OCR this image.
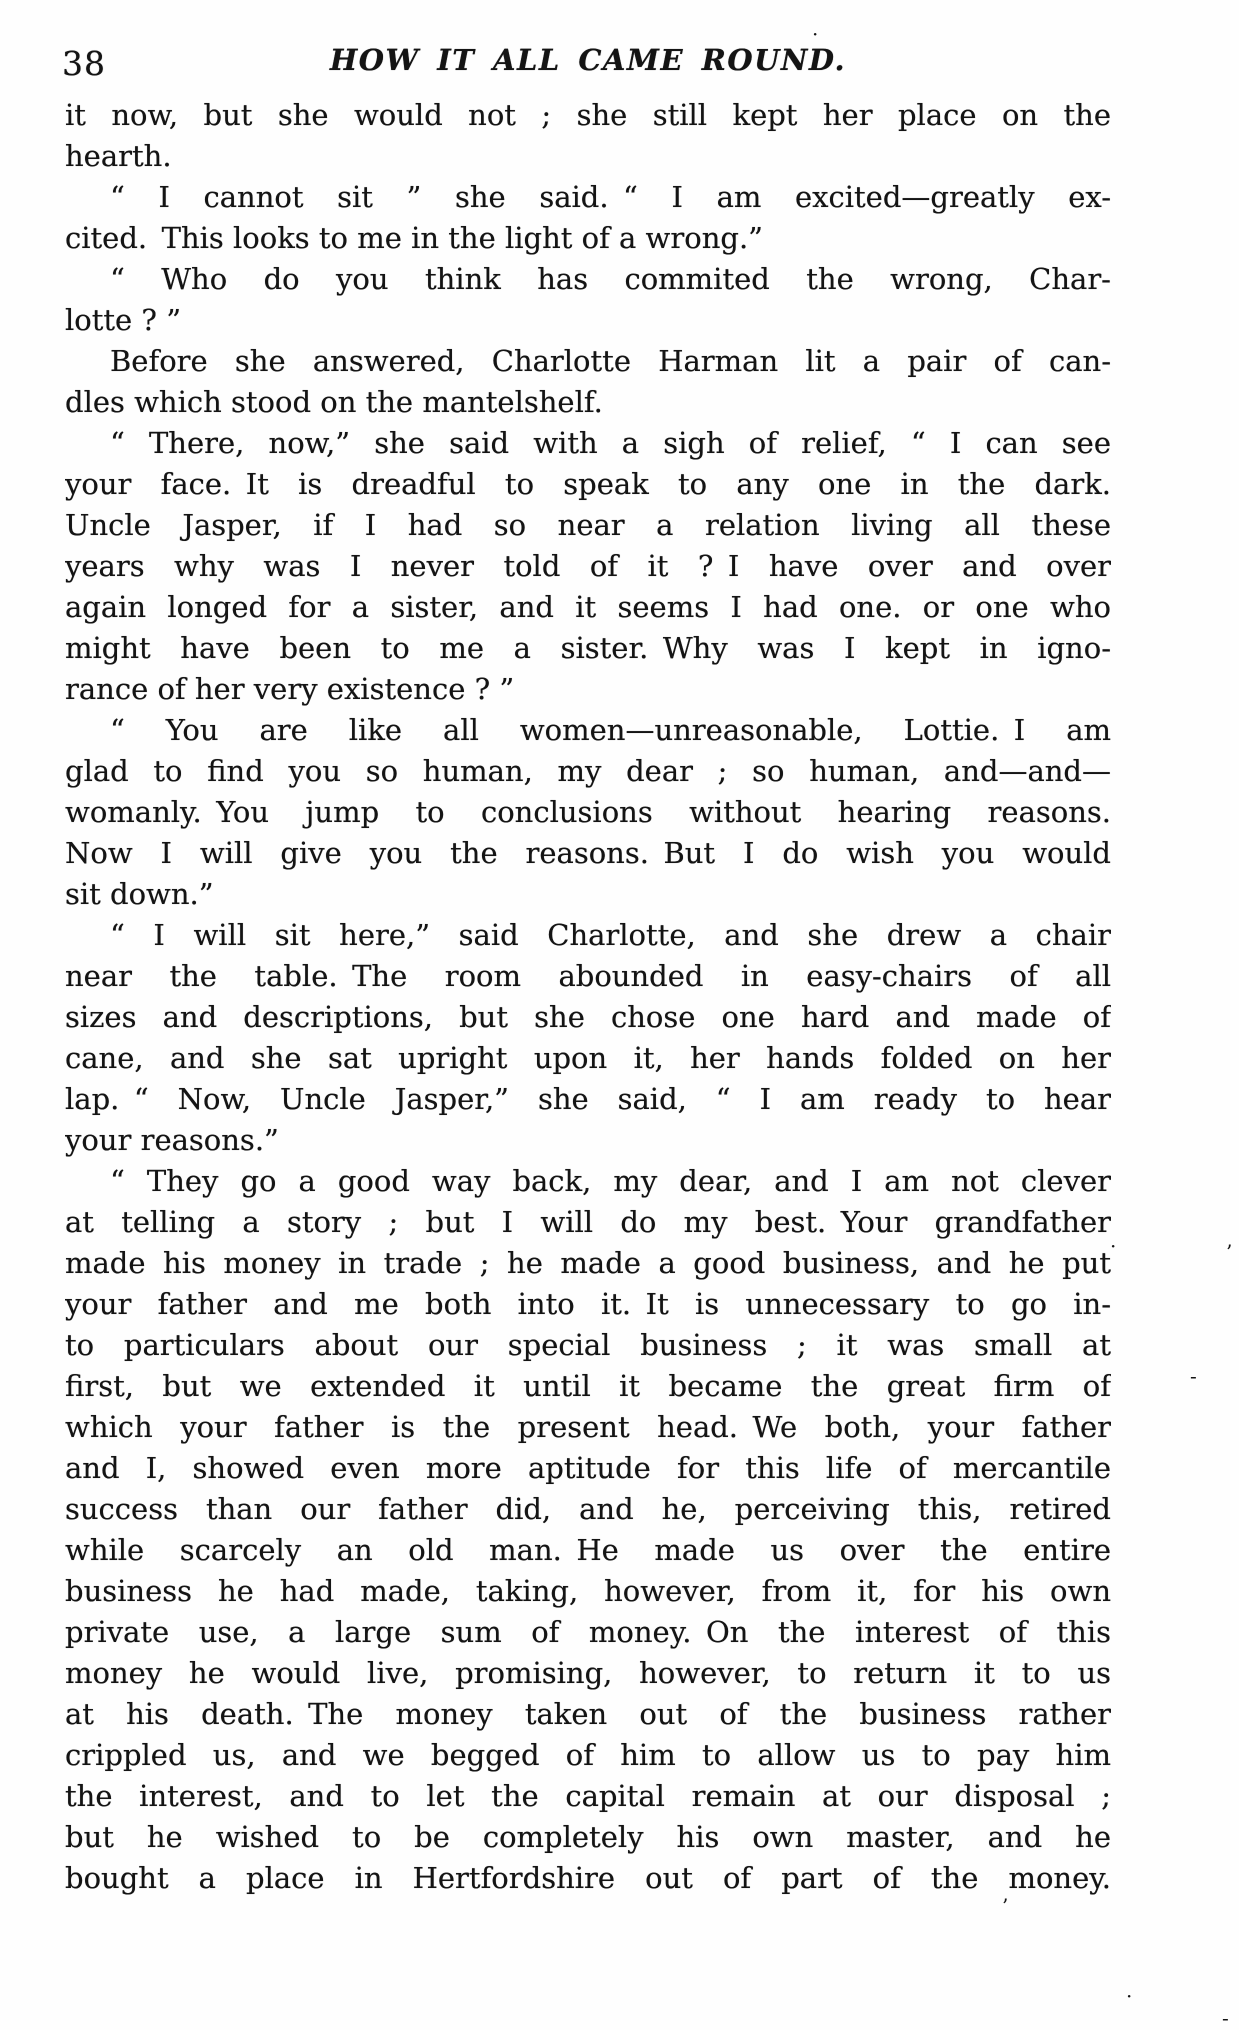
38	HOW IT ALL CAME ROUND.
it now, but she would not ; she still kept her place on the
hearth.
“ I cannot sit ” she said. “ I am excited—greatly ex-
cited. This looks to me in the light of a wrong.”
“ Who do you think has commited the wrong, Char-
lotte ? ”
Before she answered, Charlotte Harman lit a pair of can-
dles which stood on the mantelshelf.
“ There, now,” she said with a sigh of relief, “ I can see
your face. It is dreadful to speak to any one in the dark.
Uncle Jasper, if I had so near a relation living all these
years why was I never told of it ? I have over and over
again longed for a sister, and it seems I had one. or one who
might have been to me a sister. Why was I kept in igno-
rance of her very existence ? ”
“ You are like all women—unreasonable, Lottie. I am
glad to find you so human, my dear ; so human, and—and—
womanly. You jump to conclusions without hearing reasons.
Now I will give you the reasons. But I do wish you would
sit down.”
“ I will sit here,” said Charlotte, and she drew a chair
near the table. The room abounded in easy-chairs of all
sizes and descriptions, but she chose one hard and made of
cane, and she sat upright upon it, her hands folded on her
lap. “ Now, Uncle Jasper,” she said, “ I am ready to hear
your reasons.”
“ They go a good way back, my dear, and I am not clever
at telling a story ; but I will do my best. Your grandfather
made his money in trade ; he made a good business, and he put
your father and me both into it. It is unnecessary to go in-
to particulars about our special business ; it was small at
first, but we extended it until it became the great firm of
which your father is the present head. We both, your father
and I, showed even more aptitude for this life of mercantile
success than our father did, and he, perceiving this, retired
while scarcely an old man. He made us over the entire
business he had made, taking, however, from it, for his own
private use, a large sum of money. On the interest of this
money he would live, promising, however, to return it to us
at his death. The money taken out of the business rather
crippled us, and we begged of him to allow us to pay him
the interest, and to let the capital remain at our disposal ;
but he wished to be completely his own master, and he
bought a place in Hertfordshire out of part of the money.
·
·	’
-
’
·
-
